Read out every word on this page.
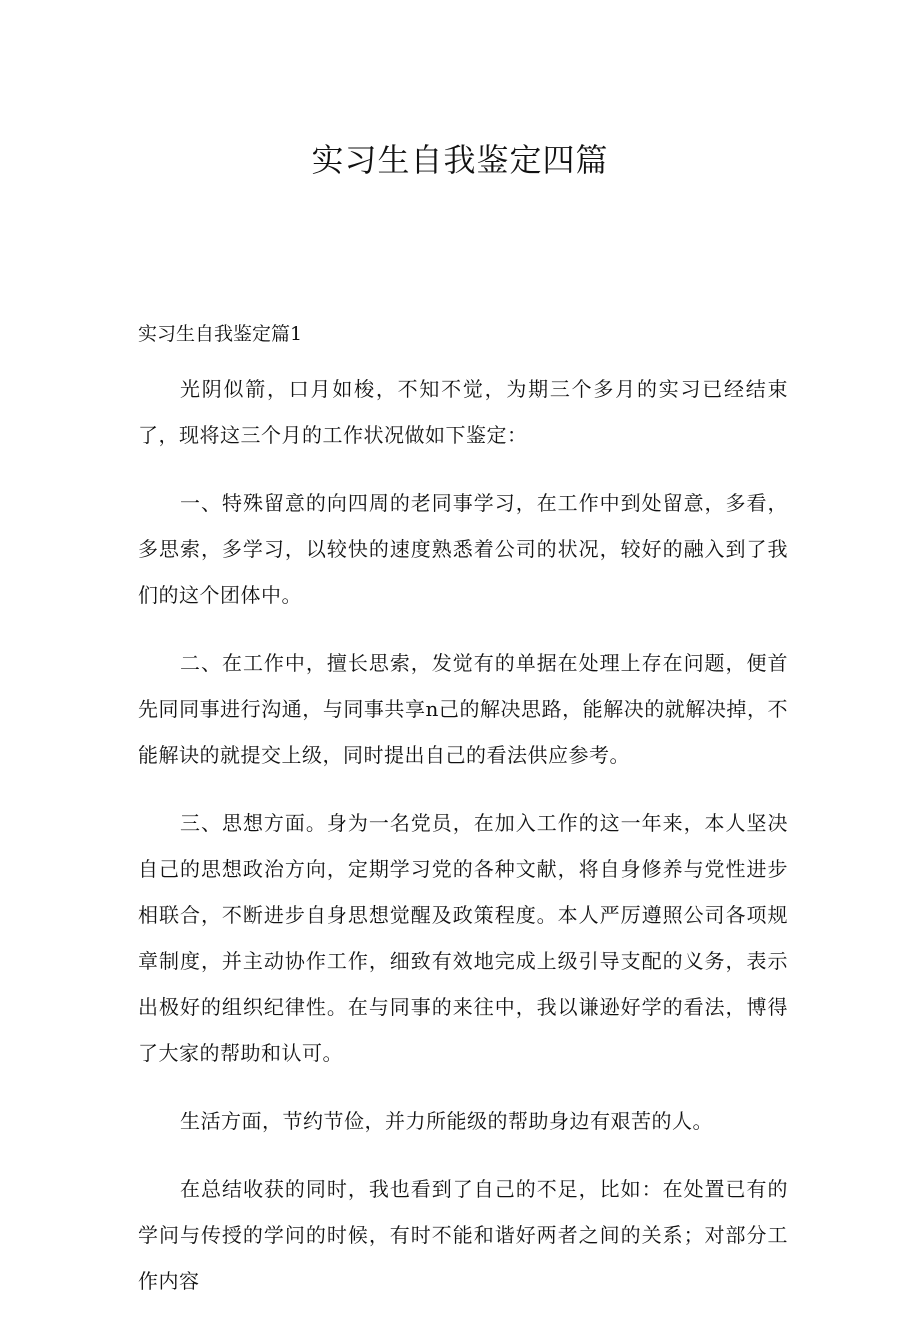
实习生自我鉴定四篇
实习生自我鉴定篇1

光阴似箭，口月如梭，不知不觉，为期三个多月的实习已经结束了，现将这三个月的工作状况做如下鉴定：

一、特殊留意的向四周的老同事学习，在工作中到处留意，多看，多思索，多学习，以较快的速度熟悉着公司的状况，较好的融入到了我们的这个团体中。

二、在工作中，擅长思索，发觉有的单据在处理上存在问题，便首先同同事进行沟通，与同事共享n己的解决思路，能解决的就解决掉，不能解诀的就提交上级，同时提出自己的看法供应参考。

三、思想方面。身为一名党员，在加入工作的这一年来，本人坚决自己的思想政治方向，定期学习党的各种文献，将自身修养与党性进步相联合，不断进步自身思想觉醒及政策程度。本人严厉遵照公司各项规章制度，并主动协作工作，细致有效地完成上级引导支配的义务，表示出极好的组织纪律性。在与同事的来往中，我以谦逊好学的看法，博得了大家的帮助和认可。

生活方面，节约节俭，并力所能级的帮助身边有艰苦的人。

在总结收获的同时，我也看到了自己的不足，比如：在处置已有的学问与传授的学问的时候，有时不能和谐好两者之间的关系；对部分工作内容
